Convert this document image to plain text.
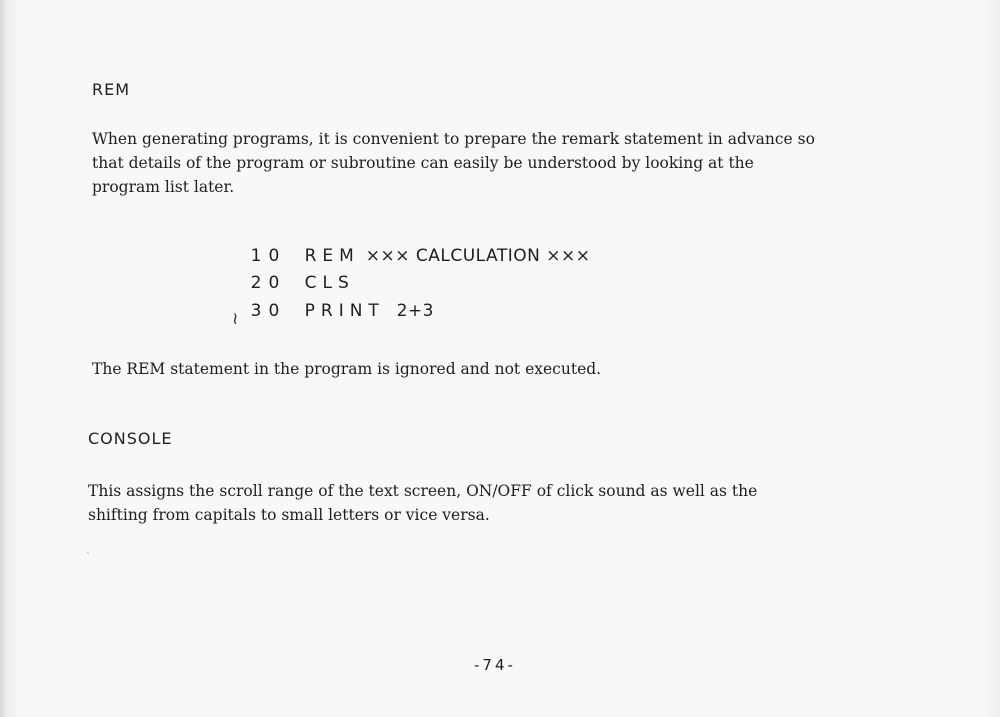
REM
When generating programs, it is convenient to prepare the remark statement in advance so
that details of the program or subroutine can easily be understood by looking at the
program list later.

10 REM ××× CALCULATION ×××

20 CLS

30 PRINT  2+3

≀
The REM statement in the program is ignored and not executed.
CONSOLE
This assigns the scroll range of the text screen, ON/OFF of click sound as well as the
shifting from capitals to small letters or vice versa.
`
-74-
